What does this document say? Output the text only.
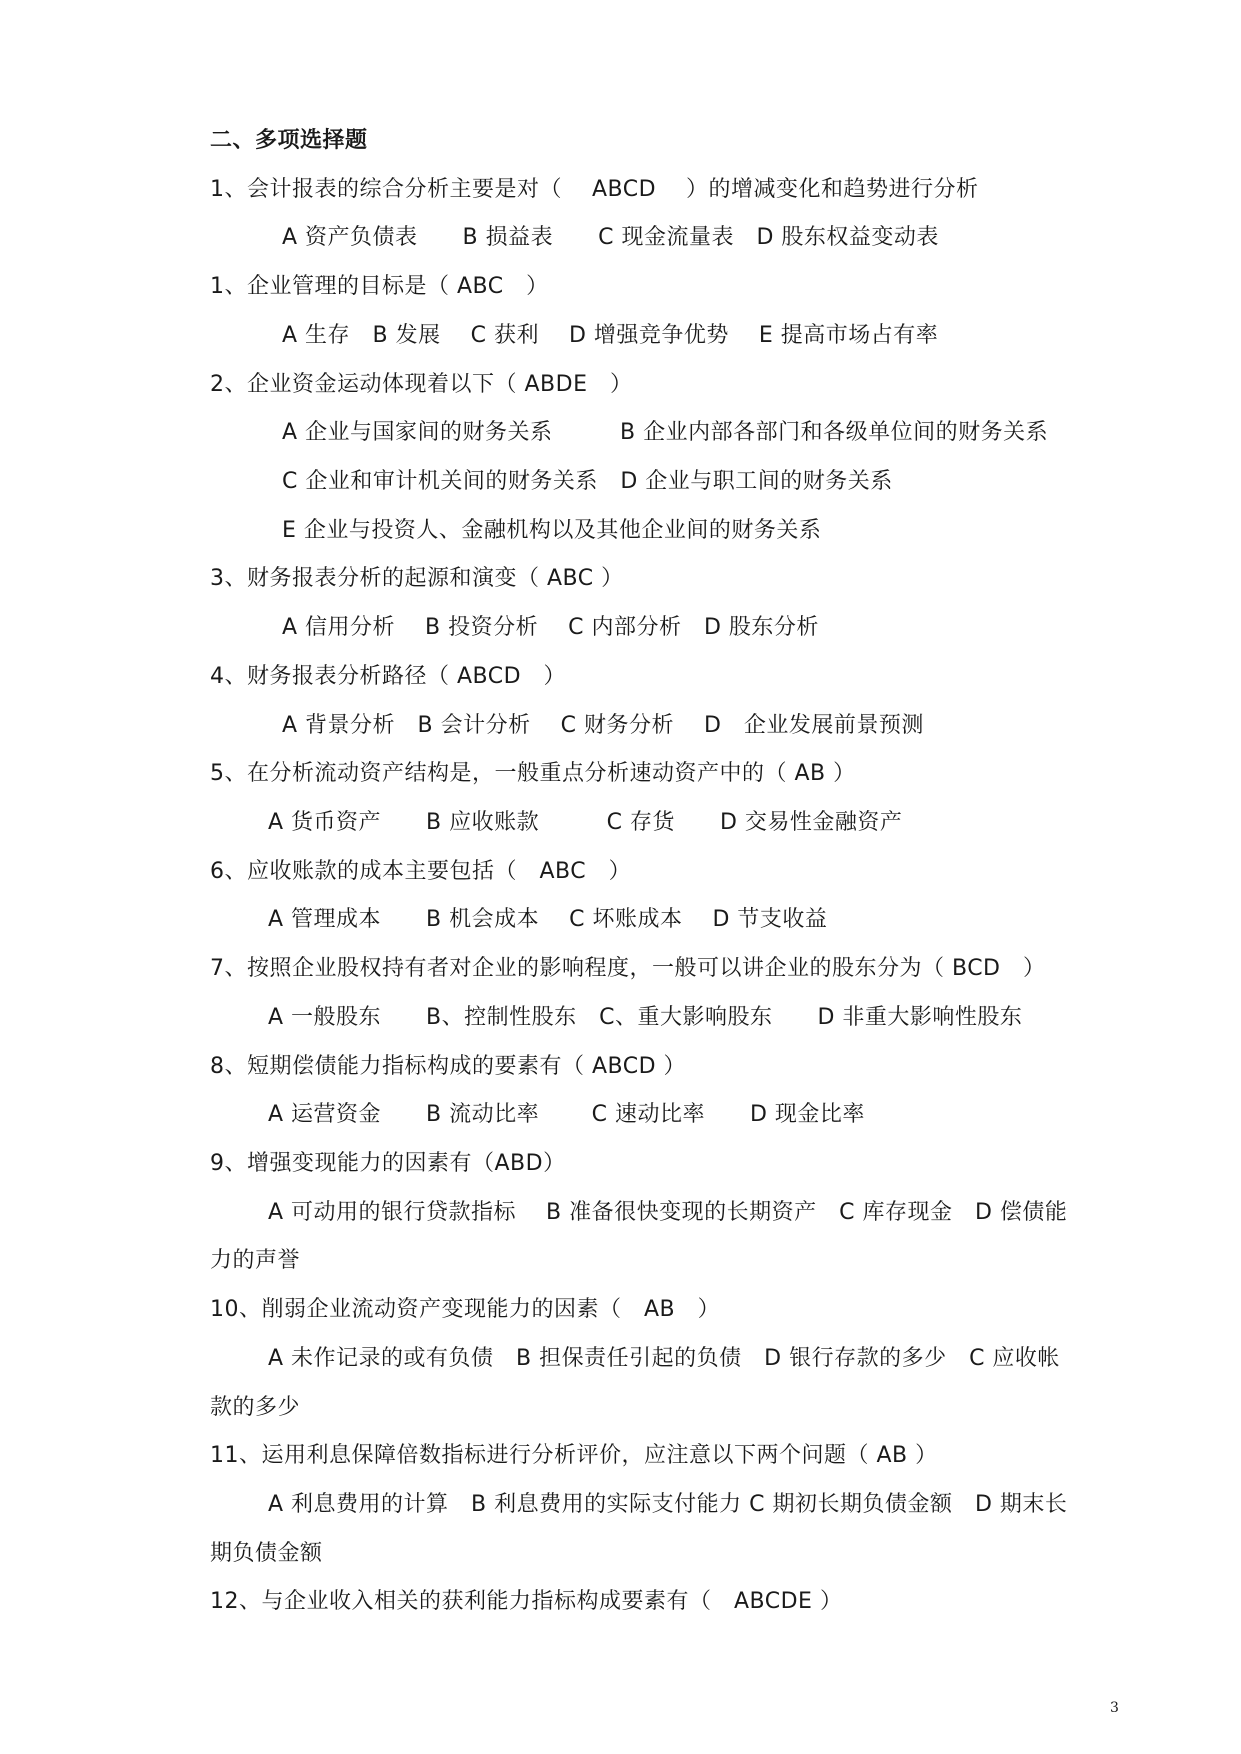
二、多项选择题
1、会计报表的综合分析主要是对（　 ABCD　 ）的增减变化和趋势进行分析
A 资产负债表　　B 损益表　　C 现金流量表　D 股东权益变动表
1、企业管理的目标是（ ABC　）
A 生存　B 发展　 C 获利　 D 增强竞争优势　 E 提高市场占有率
2、企业资金运动体现着以下（ ABDE　）
A 企业与国家间的财务关系　　　B 企业内部各部门和各级单位间的财务关系
C 企业和审计机关间的财务关系　D 企业与职工间的财务关系
E 企业与投资人、金融机构以及其他企业间的财务关系
3、财务报表分析的起源和演变（ ABC ）
A 信用分析　 B 投资分析　 C 内部分析　D 股东分析
4、财务报表分析路径（ ABCD　）
A 背景分析　B 会计分析　 C 财务分析　 D　企业发展前景预测
5、在分析流动资产结构是，一般重点分析速动资产中的（ AB ）
A 货币资产　　B 应收账款　　　C 存货　　D 交易性金融资产
6、应收账款的成本主要包括（　ABC　）
A 管理成本　　B 机会成本　 C 坏账成本　 D 节支收益
7、按照企业股权持有者对企业的影响程度，一般可以讲企业的股东分为（ BCD　）
A 一般股东　　B、控制性股东　C、重大影响股东　　D 非重大影响性股东
8、短期偿债能力指标构成的要素有（ ABCD ）
A 运营资金　　B 流动比率　　 C 速动比率　　D 现金比率
9、增强变现能力的因素有（ABD）
A 可动用的银行贷款指标　 B 准备很快变现的长期资产　C 库存现金　D 偿债能
力的声誉
10、削弱企业流动资产变现能力的因素（　AB　）
A 未作记录的或有负债　B 担保责任引起的负债　D 银行存款的多少　C 应收帐
款的多少
11、运用利息保障倍数指标进行分析评价，应注意以下两个问题（ AB ）
A 利息费用的计算　B 利息费用的实际支付能力 C 期初长期负债金额　D 期末长
期负债金额
12、与企业收入相关的获利能力指标构成要素有（　ABCDE ）
3
